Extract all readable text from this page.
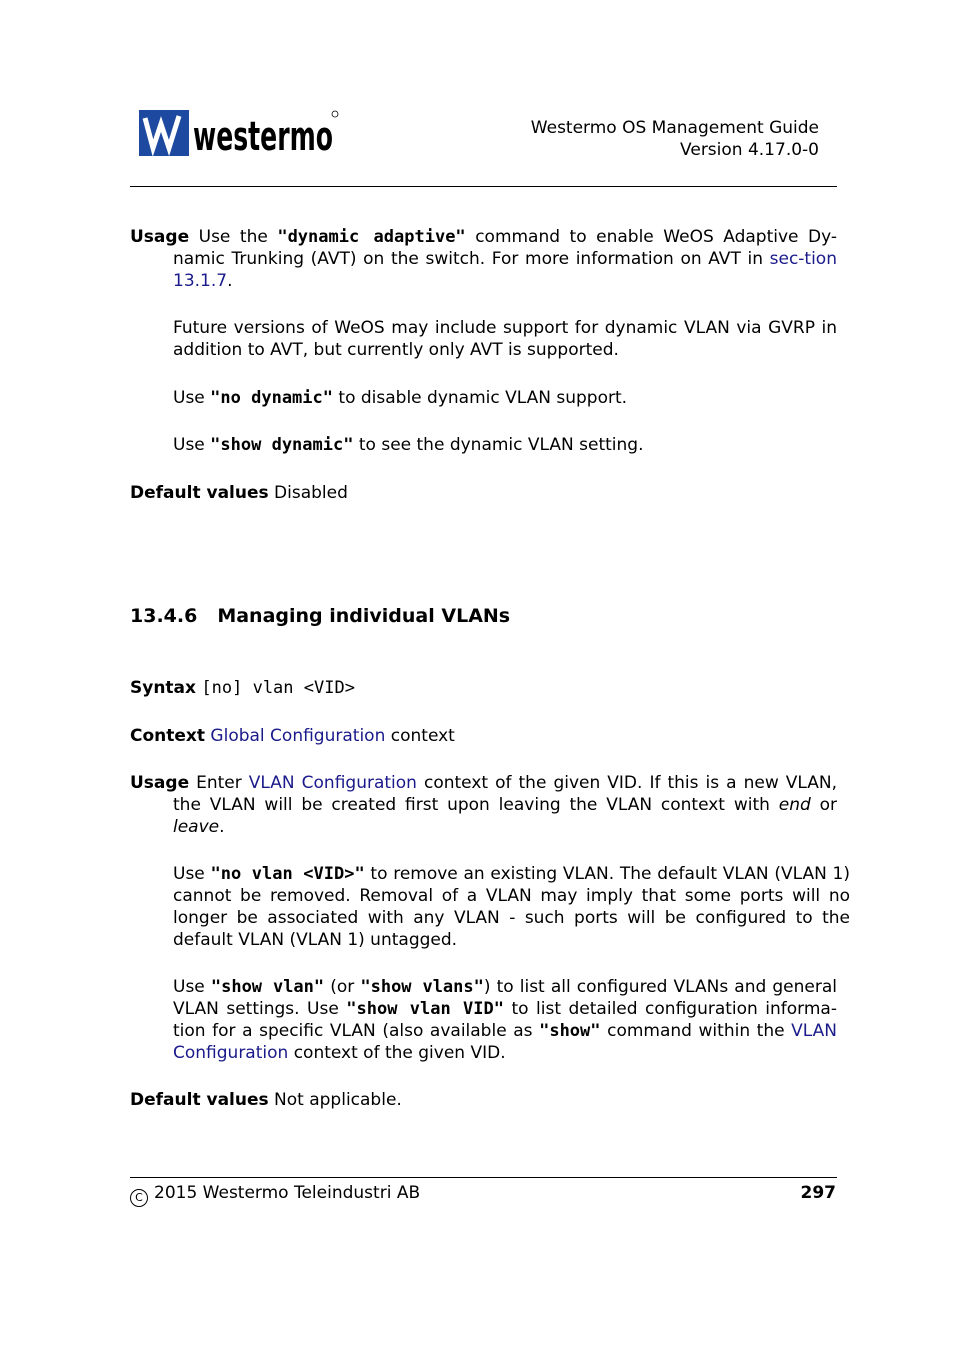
westermo	Westermo OS Management Guide
Version 4.17.0-0
Usage Use the "dynamic adaptive" command to enable WeOS Adaptive Dy-
namic Trunking (AVT) on the switch. For more information on AVT in sec-tion 13.1.7.
Future versions of WeOS may include support for dynamic VLAN via GVRP in addition to AVT, but currently only AVT is supported.
Use "no dynamic" to disable dynamic VLAN support.
Use "show dynamic" to see the dynamic VLAN setting.
Default values Disabled
13.4.6 Managing individual VLANs
Syntax [no] vlan <VID>
Context Global Configuration context
Usage Enter VLAN Configuration context of the given VID. If this is a new VLAN,
the VLAN will be created first upon leaving the VLAN context with end or leave.
Use "no vlan <VID>" to remove an existing VLAN. The default VLAN (VLAN 1) cannot be removed. Removal of a VLAN may imply that some ports will no longer be associated with any VLAN - such ports will be configured to the default VLAN (VLAN 1) untagged.
Use "show vlan" (or "show vlans") to list all configured VLANs and general VLAN settings. Use "show vlan VID" to list detailed configuration informa-tion for a specific VLAN (also available as "show" command within the VLAN Configuration context of the given VID.
Default values Not applicable.
C 2015 Westermo Teleindustri AB	297
